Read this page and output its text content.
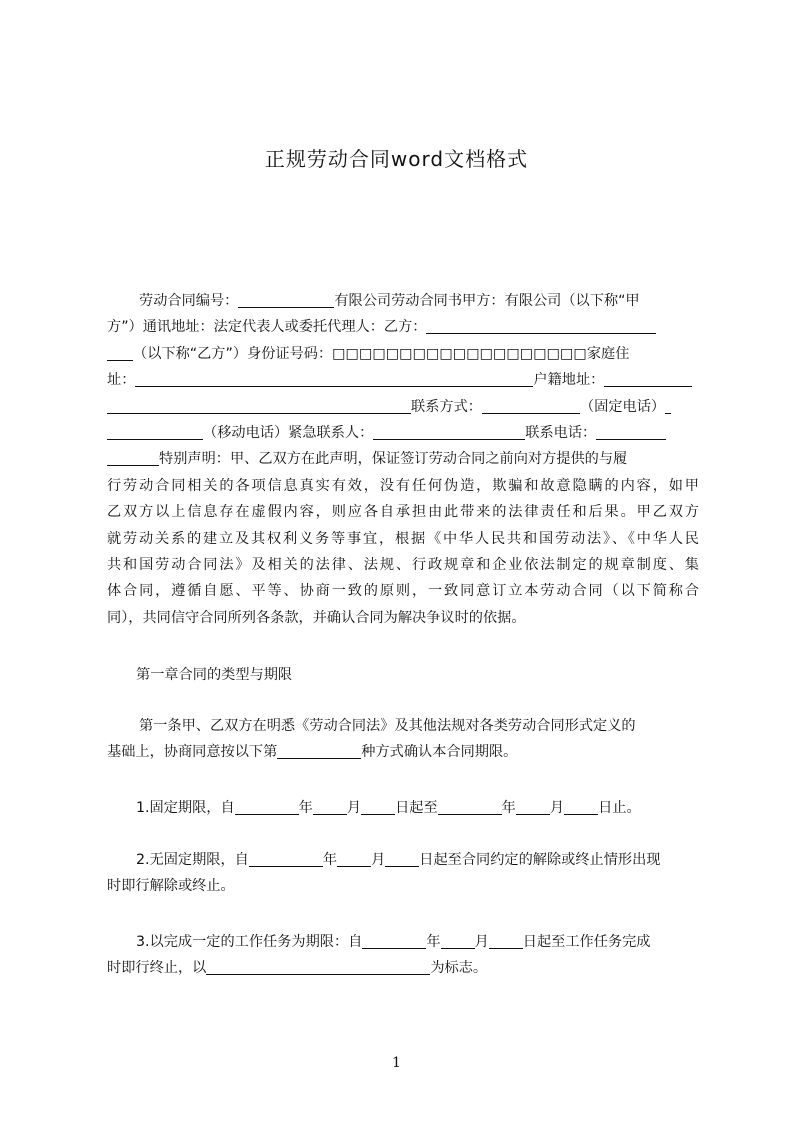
正规劳动合同word文档格式
劳动合同编号：	有限公司劳动合同书甲方：有限公司（以下称“甲
方”）通讯地址：法定代表人或委托代理人：乙方：
（以下称“乙方”）身份证号码：□□□□□□□□□□□□□□□□□□□家庭住
址：	户籍地址：
联系方式：	（固定电话）
（移动电话）紧急联系人：	联系电话：
特别声明：甲、乙双方在此声明，保证签订劳动合同之前向对方提供的与履
行劳动合同相关的各项信息真实有效，没有任何伪造，欺骗和故意隐瞒的内容，如甲
乙双方以上信息存在虚假内容，则应各自承担由此带来的法律责任和后果。甲乙双方
就劳动关系的建立及其权利义务等事宜，根据《中华人民共和国劳动法》、《中华人民
共和国劳动合同法》及相关的法律、法规、行政规章和企业依法制定的规章制度、集
体合同，遵循自愿、平等、协商一致的原则，一致同意订立本劳动合同（以下简称合
同），共同信守合同所列各条款，并确认合同为解决争议时的依据。
第一章合同的类型与期限
第一条甲、乙双方在明悉《劳动合同法》及其他法规对各类劳动合同形式定义的
基础上，协商同意按以下第	种方式确认本合同期限。
1.固定期限，自	年 月 日起至	年 月 日止。
2.无固定期限，自	年 月 日起至合同约定的解除或终止情形出现
时即行解除或终止。
3.以完成一定的工作任务为期限：自	年 月 日起至工作任务完成
时即行终止，以	为标志。
1
